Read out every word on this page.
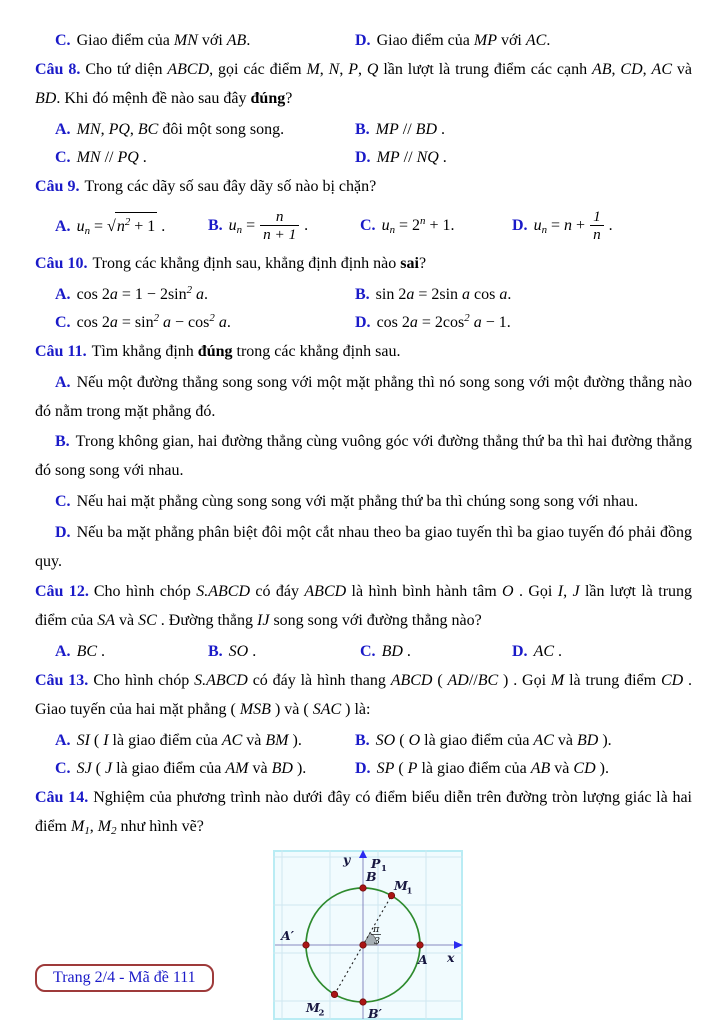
C. Giao điểm của MN với AB.	D. Giao điểm của MP với AC.

Câu 8. Cho tứ diện ABCD, gọi các điểm M, N, P, Q lần lượt là trung điểm các cạnh AB, CD, AC và BD. Khi đó mệnh đề nào sau đây đúng?

A. MN, PQ, BC đôi một song song.	B. MP // BD .
C. MN // PQ .	D. MP // NQ .

Câu 9. Trong các dãy số sau đây dãy số nào bị chặn?

A. $u_n = √n^2 + 1$ .	B. $u_n = \frac{n}{n + 1}$ .	C. $u_n = 2^n + 1$.	D. $u_n = n + \frac{1}{n}$ .

Câu 10. Trong các khẳng định sau, khẳng định định nào sai?

A. $\cos 2a = 1 - 2\sin^2$ a.	B. sin 2a = 2sin a cos a.
C. $\cos 2a = \sin^2 a - \cos^2 a$.	D. $\cos 2a = 2\cos^2$ a − 1.

Câu 11. Tìm khẳng định đúng trong các khẳng định sau.

A. Nếu một đường thẳng song song với một mặt phẳng thì nó song song với một đường thẳng nào đó nằm trong mặt phẳng đó.

B. Trong không gian, hai đường thẳng cùng vuông góc với đường thẳng thứ ba thì hai đường thẳng đó song song với nhau.

C. Nếu hai mặt phẳng cùng song song với mặt phẳng thứ ba thì chúng song song với nhau.

D. Nếu ba mặt phẳng phân biệt đôi một cắt nhau theo ba giao tuyến thì ba giao tuyến đó phải đồng quy.

Câu 12. Cho hình chóp S.ABCD có đáy ABCD là hình bình hành tâm O . Gọi I, J lần lượt là trung điểm của SA và SC . Đường thẳng IJ song song với đường thẳng nào?

A. BC .	B. SO .	C. BD .	D. AC .

Câu 13. Cho hình chóp S.ABCD có đáy là hình thang ABCD ( AD//BC ) . Gọi M là trung điểm CD . Giao tuyến của hai mặt phẳng ( MSB ) và ( SAC ) là:

A. SI ( I là giao điểm của AC và BM ).	B. SO ( O là giao điểm của AC và BD ).
C. SJ ( J là giao điểm của AM và BD ).	D. SP ( P là giao điểm của AB và CD ).

Câu 14. Nghiệm của phương trình nào dưới đây có điểm biểu diễn trên đường tròn lượng giác là hai điểm $M_1$, $M_2$ như hình vẽ?

y P 1
B
M
1
A′
A x
M
2	B′
π
3
Trang 2/4 - Mã đề 111
